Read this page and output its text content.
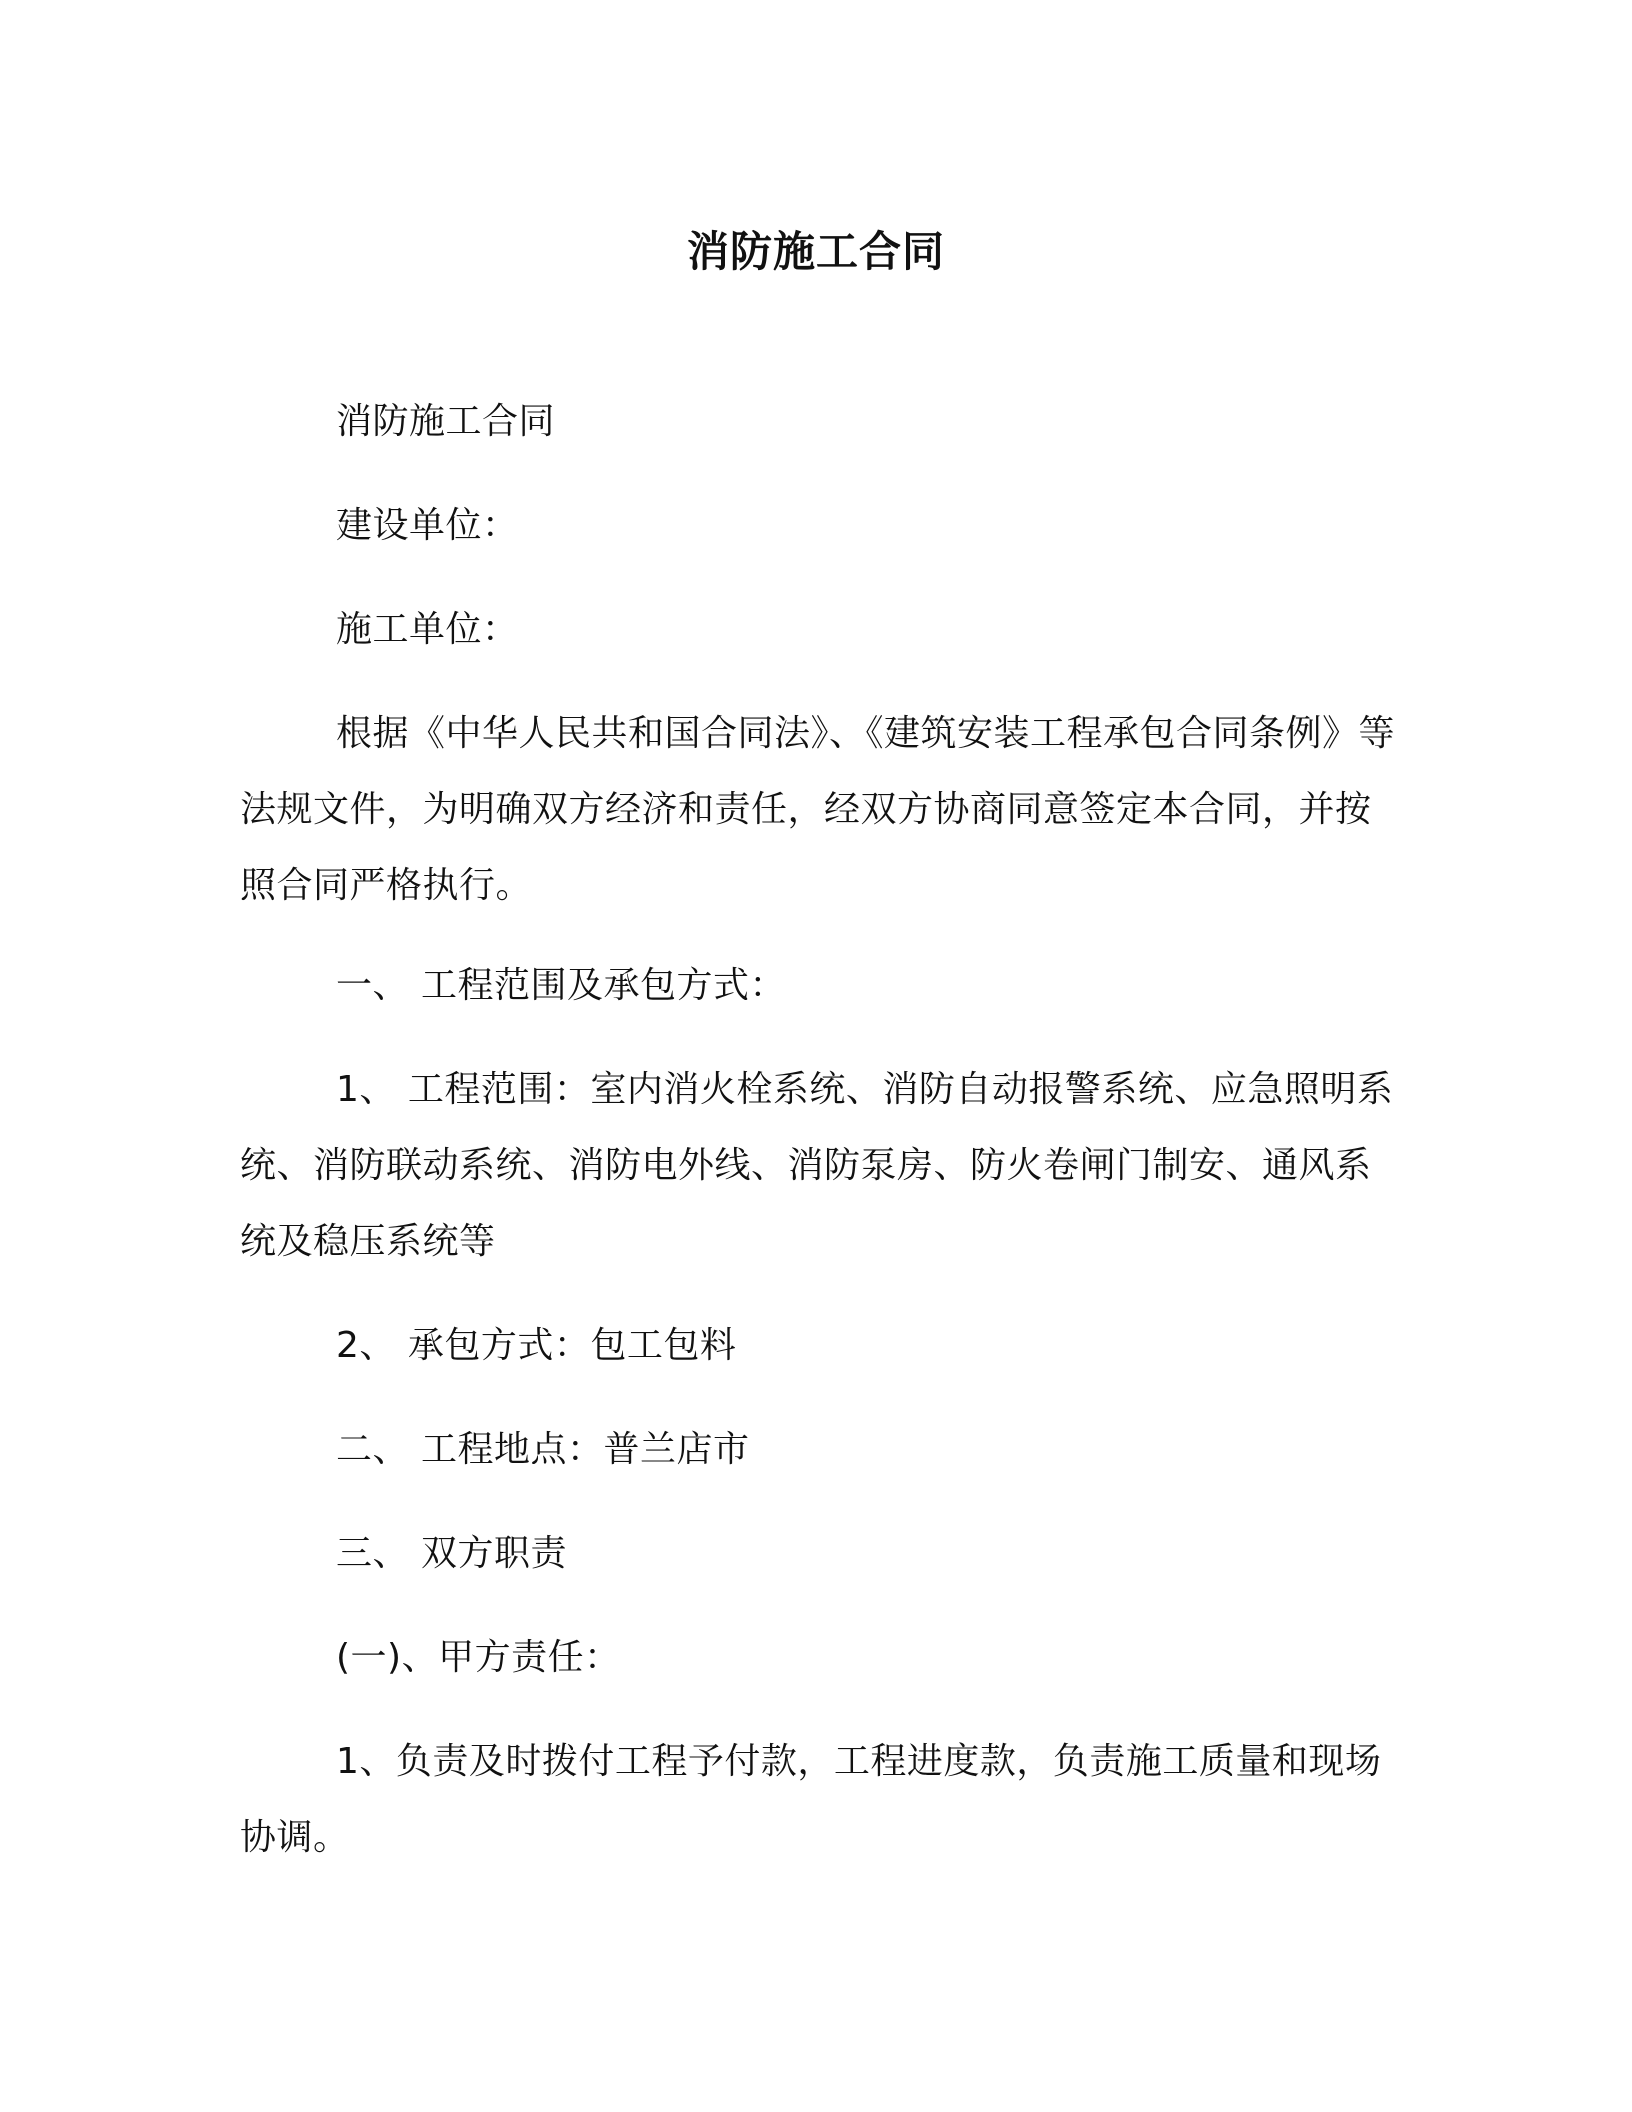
消防施工合同

消防施工合同

建设单位：

施工单位：

根据《中华人民共和国合同法》、《建筑安装工程承包合同条例》等法规文件，为明确双方经济和责任，经双方协商同意签定本合同，并按照合同严格执行。

一、 工程范围及承包方式：

1、 工程范围：室内消火栓系统、消防自动报警系统、应急照明系统、消防联动系统、消防电外线、消防泵房、防火卷闸门制安、通风系统及稳压系统等

2、 承包方式：包工包料

二、 工程地点：普兰店市

三、 双方职责

(一)、甲方责任：

1、负责及时拨付工程予付款，工程进度款，负责施工质量和现场协调。
